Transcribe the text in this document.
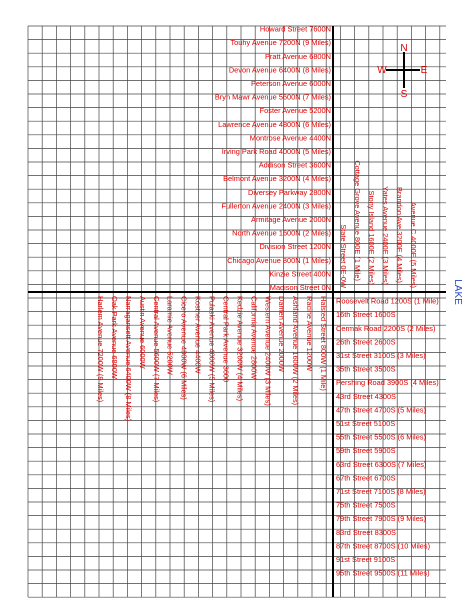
N
S
W	E
LAKE
Howard Street 7600N
Touhy Avenue 7200N (9 Miles)
Pratt Avenue 6800N
Devon Avenue 6400N (8 Miles)
Peterson Avenue 6000N
Bryn Mawr Avenue 5600N (7 Miles)
Foster Avenue 5200N
Lawrence Avenue 4800N (6 Miles)
Montrose Avenue 4400N
Irving Park Road 4000N (5 Miles)
Addison Street 3600N
Belmont Avenue 3200N (4 Miles)
Diversey Parkway 2800N
Fullerton Avenue 2400N (3 Miles)
Armitage Avenue 2000N
North Avenue 1600N (2 Miles)
Division Street 1200N
Chicago Avenue 800N (1 Miles)
Kinzie Street 400N
Madison Street 0N
Roosevelt Road 1200S (1 Mile)
16th Street 1600S
Cermak Road 2200S (2 Miles)
26th Street 2600S
31st Street 3100S (3 Miles)
35th Street 3500S
Pershing Road 3900S (4 Miles)
43rd Street 4300S
47th Street 4700S (5 Miles)
51st Street 5100S
55th Street 5500S (6 Miles)
59th Street 5900S
63rd Street 6300S (7 Miles)
67th Street 6700S
71st Street 7100S (8 Miles)
75th Street 7500S
79th Street 7900S (9 Miles)
83rd Street 8300S
87th Street 8700S (10 Miles)
91st Street 9100S
95th Street 9500S (11 Miles)
Harlem Avenue 7200W (9 Miles) Oak Park Avenue 6800W Narragansett Avenue 6400W (8 Miles) Austin Avenue 6000W Central Avenue 5600W (7 Miles) Laramie Avenue 5200W Cicero Avenue 4800W (6 Miles) Kostner Avenue 4400W Pulaski Avenue 4000W (5 Miles) Central Park Avenue 3600 Kedzie Avenue 3200W (4 Miles) California Avenue 2800W Western Avenue 2400W (3 Miles) Damen Avenue 2000W Ashland Avenue 1600W (2 Miles) Racine Avenue 1200W Halsted Street 800W (1 Mile)
State Street 0E-0W Cottage Grove Avenue 800E (1 Mile) Stony Island 1600E (2 Miles) Yates Avenue 2400E (3 Miles) Brandon Ave 3200E (4 Miles) Avenue C 4000E (5 Miles)
